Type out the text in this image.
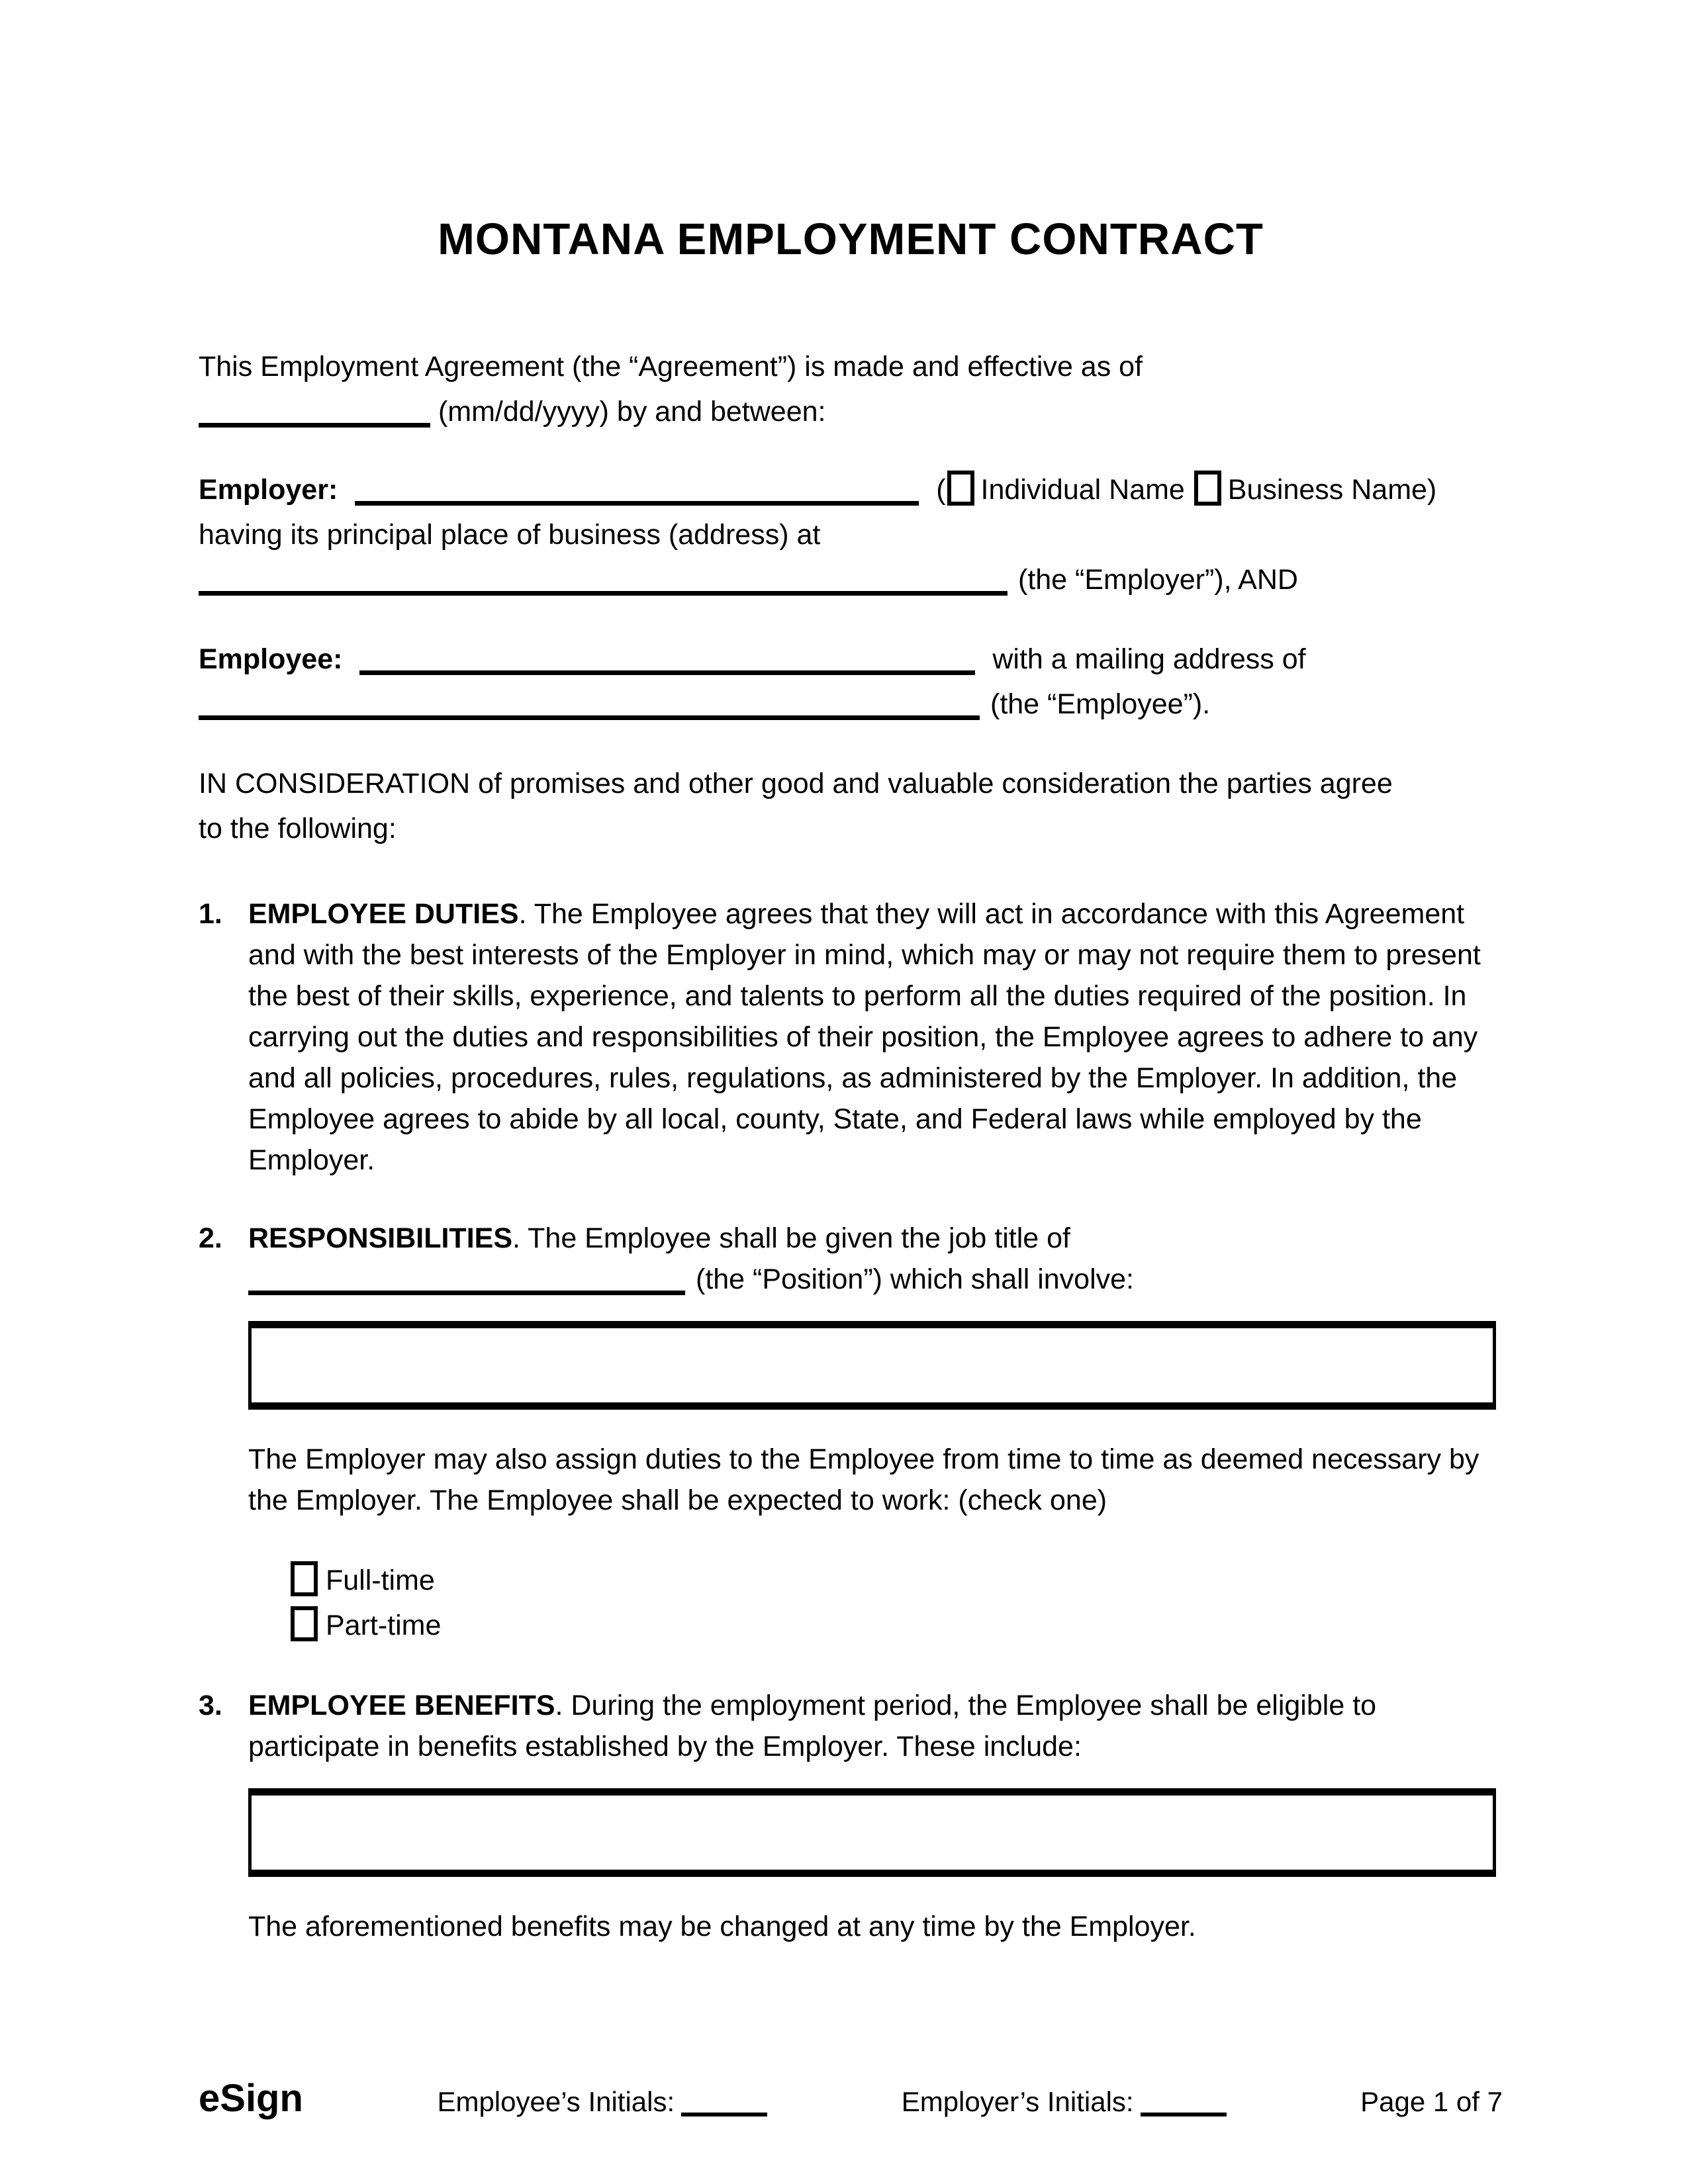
MONTANA EMPLOYMENT CONTRACT

This Employment Agreement (the “Agreement”) is made and effective as of
(mm/dd/yyyy) by and between:

Employer:	( Individual Name Business Name)
having its principal place of business (address) at
(the “Employer”), AND

Employee:	with a mailing address of
(the “Employee”).

IN CONSIDERATION of promises and other good and valuable consideration the parties agree
to the following:

1. EMPLOYEE DUTIES. The Employee agrees that they will act in accordance with this Agreement and with the best interests of the Employer in mind, which may or may not require them to present the best of their skills, experience, and talents to perform all the duties required of the position. In carrying out the duties and responsibilities of their position, the Employee agrees to adhere to any and all policies, procedures, rules, regulations, as administered by the Employer. In addition, the Employee agrees to abide by all local, county, State, and Federal laws while employed by the Employer.
2. RESPONSIBILITIES. The Employee shall be given the job title of
(the “Position”) which shall involve:
The Employer may also assign duties to the Employee from time to time as deemed necessary by the Employer. The Employee shall be expected to work: (check one)
Full-time
Part-time
3. EMPLOYEE BENEFITS. During the employment period, the Employee shall be eligible to participate in benefits established by the Employer. These include:
The aforementioned benefits may be changed at any time by the Employer.
eSign	Employee’s Initials:	Employer’s Initials:	Page 1 of 7
